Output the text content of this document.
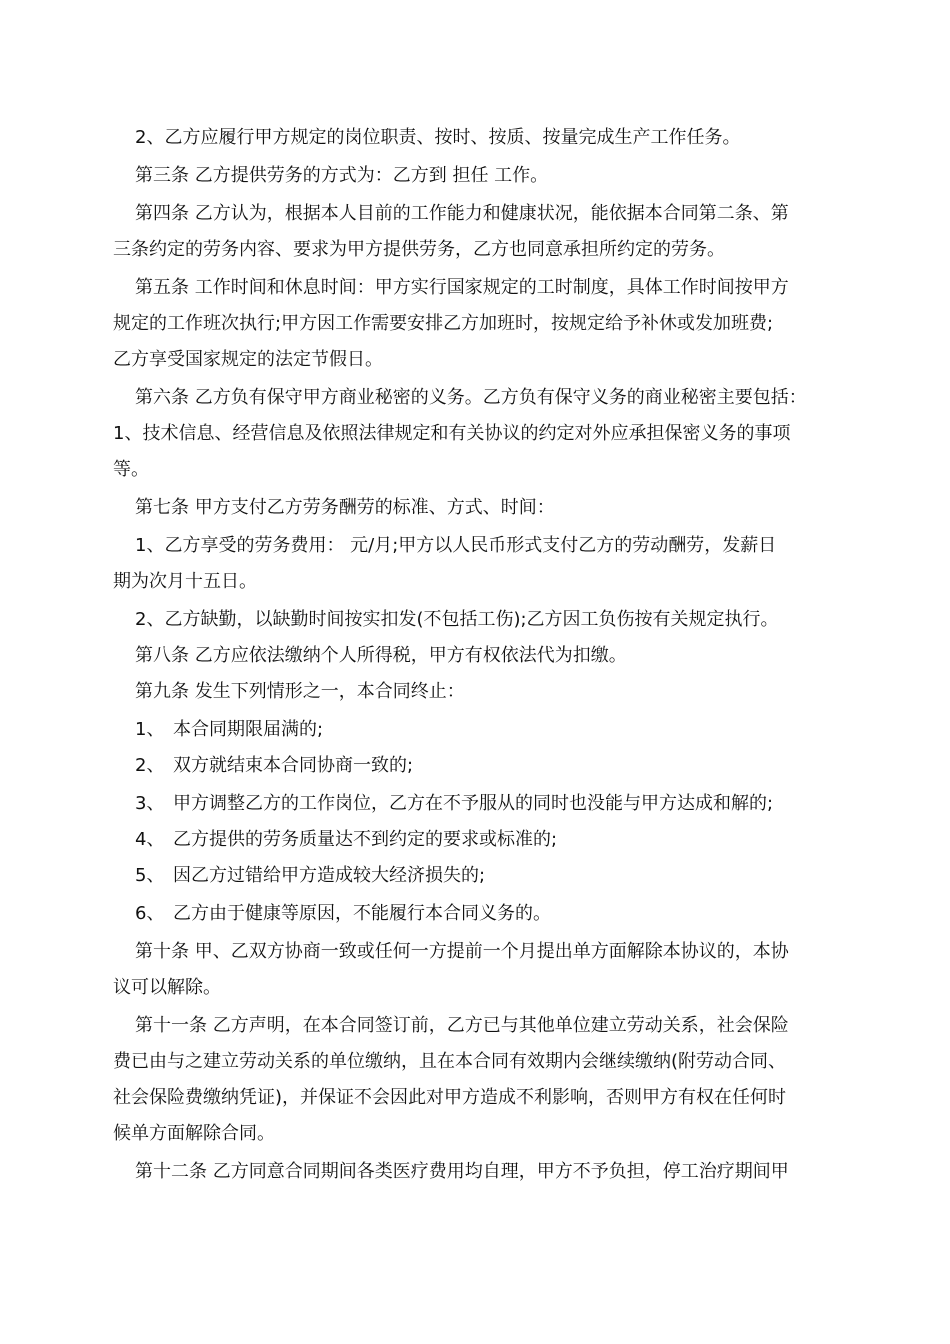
2、乙方应履行甲方规定的岗位职责、按时、按质、按量完成生产工作任务。
第三条 乙方提供劳务的方式为：乙方到 担任 工作。
第四条 乙方认为，根据本人目前的工作能力和健康状况，能依据本合同第二条、第
三条约定的劳务内容、要求为甲方提供劳务，乙方也同意承担所约定的劳务。
第五条 工作时间和休息时间：甲方实行国家规定的工时制度，具体工作时间按甲方
规定的工作班次执行;甲方因工作需要安排乙方加班时，按规定给予补休或发加班费;
乙方享受国家规定的法定节假日。
第六条 乙方负有保守甲方商业秘密的义务。乙方负有保守义务的商业秘密主要包括：
1、技术信息、经营信息及依照法律规定和有关协议的约定对外应承担保密义务的事项
等。
第七条 甲方支付乙方劳务酬劳的标准、方式、时间：
1、乙方享受的劳务费用： 元/月;甲方以人民币形式支付乙方的劳动酬劳，发薪日
期为次月十五日。
2、乙方缺勤，以缺勤时间按实扣发(不包括工伤);乙方因工负伤按有关规定执行。
第八条 乙方应依法缴纳个人所得税，甲方有权依法代为扣缴。
第九条 发生下列情形之一，本合同终止：
1、 本合同期限届满的;
2、 双方就结束本合同协商一致的;
3、 甲方调整乙方的工作岗位，乙方在不予服从的同时也没能与甲方达成和解的;
4、 乙方提供的劳务质量达不到约定的要求或标准的;
5、 因乙方过错给甲方造成较大经济损失的;
6、 乙方由于健康等原因，不能履行本合同义务的。
第十条 甲、乙双方协商一致或任何一方提前一个月提出单方面解除本协议的，本协
议可以解除。
第十一条 乙方声明，在本合同签订前，乙方已与其他单位建立劳动关系，社会保险
费已由与之建立劳动关系的单位缴纳，且在本合同有效期内会继续缴纳(附劳动合同、
社会保险费缴纳凭证)，并保证不会因此对甲方造成不利影响，否则甲方有权在任何时
候单方面解除合同。
第十二条 乙方同意合同期间各类医疗费用均自理，甲方不予负担，停工治疗期间甲
